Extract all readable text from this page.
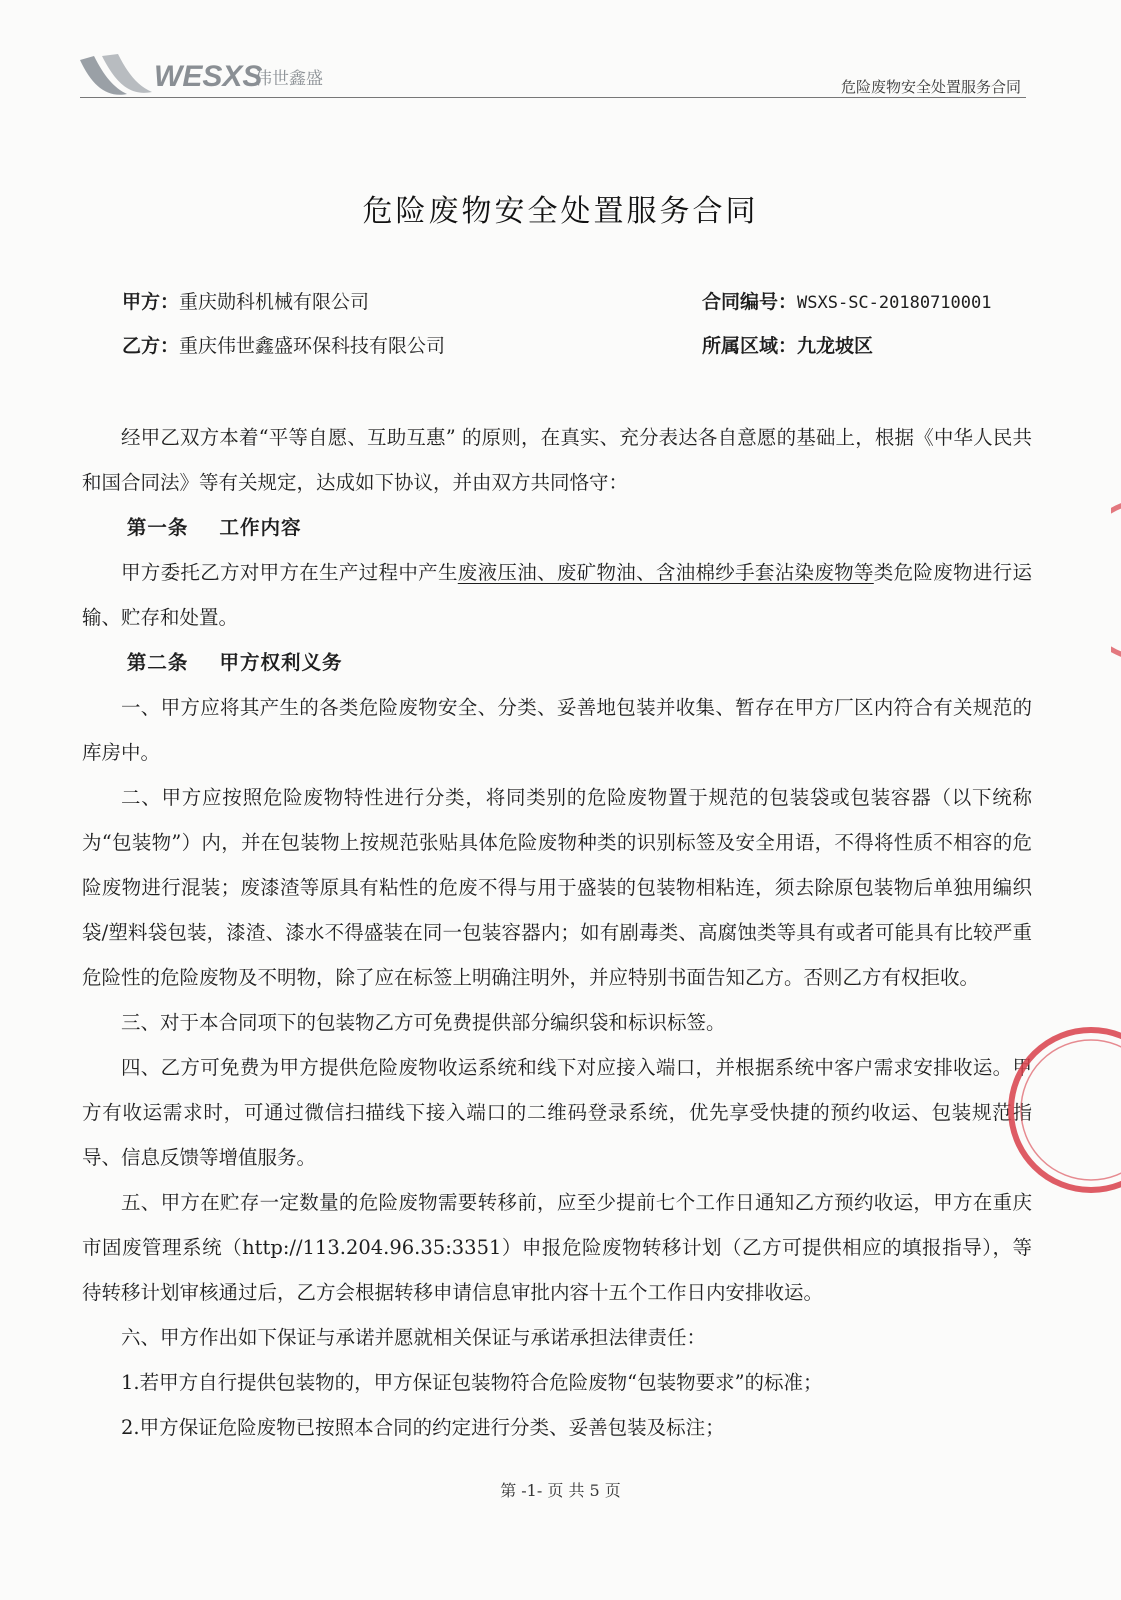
WESXS
伟世鑫盛	危险废物安全处置服务合同
危险废物安全处置服务合同
甲方：重庆勋科机械有限公司
乙方：重庆伟世鑫盛环保科技有限公司
合同编号：WSXS-SC-20180710001
所属区域：九龙坡区

经甲乙双方本着“平等自愿、互助互惠” 的原则，在真实、充分表达各自意愿的基础上，根据《中华人民共和国合同法》等有关规定，达成如下协议，并由双方共同恪守：

第一条 工作内容

甲方委托乙方对甲方在生产过程中产生废液压油、废矿物油、含油棉纱手套沾染废物等类危险废物进行运输、贮存和处置。

第二条 甲方权利义务

一、甲方应将其产生的各类危险废物安全、分类、妥善地包装并收集、暂存在甲方厂区内符合有关规范的库房中。

二、甲方应按照危险废物特性进行分类，将同类别的危险废物置于规范的包装袋或包装容器（以下统称为“包装物”）内，并在包装物上按规范张贴具体危险废物种类的识别标签及安全用语，不得将性质不相容的危险废物进行混装；废漆渣等原具有粘性的危废不得与用于盛装的包装物相粘连，须去除原包装物后单独用编织袋/塑料袋包装，漆渣、漆水不得盛装在同一包装容器内；如有剧毒类、高腐蚀类等具有或者可能具有比较严重危险性的危险废物及不明物，除了应在标签上明确注明外，并应特别书面告知乙方。否则乙方有权拒收。

三、对于本合同项下的包装物乙方可免费提供部分编织袋和标识标签。

四、乙方可免费为甲方提供危险废物收运系统和线下对应接入端口，并根据系统中客户需求安排收运。甲方有收运需求时，可通过微信扫描线下接入端口的二维码登录系统，优先享受快捷的预约收运、包装规范指导、信息反馈等增值服务。

五、甲方在贮存一定数量的危险废物需要转移前，应至少提前七个工作日通知乙方预约收运，甲方在重庆市固废管理系统（http://113.204.96.35:3351）申报危险废物转移计划（乙方可提供相应的填报指导），等待转移计划审核通过后，乙方会根据转移申请信息审批内容十五个工作日内安排收运。

六、甲方作出如下保证与承诺并愿就相关保证与承诺承担法律责任：

1.若甲方自行提供包装物的，甲方保证包装物符合危险废物“包装物要求”的标准；

2.甲方保证危险废物已按照本合同的约定进行分类、妥善包装及标注；

第 -1- 页 共 5 页
